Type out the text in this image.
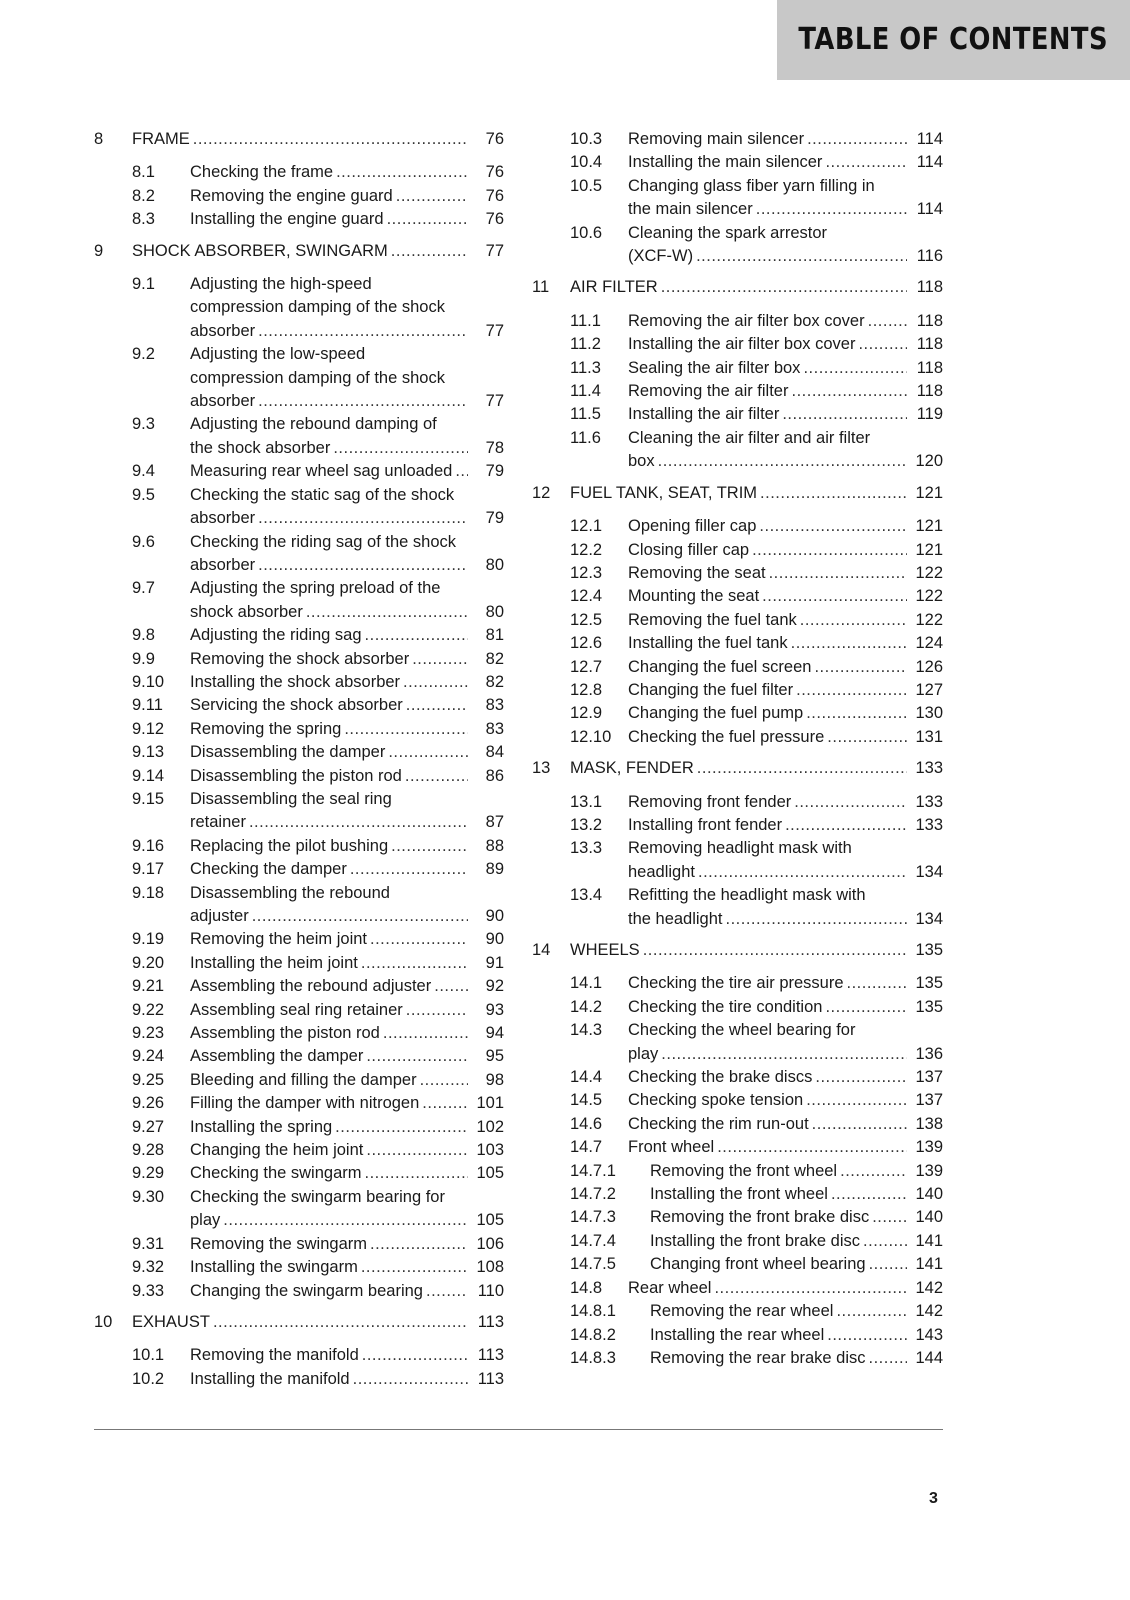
TABLE OF CONTENTS
8	FRAME .....	76
8.1	Checking the frame .....	76
8.2	Removing the engine guard .....	76
8.3	Installing the engine guard .....	76
9	SHOCK ABSORBER, SWINGARM .....	77
9.1	Adjusting the high-speed
compression damping of the shock
absorber .....	77
9.2	Adjusting the low-speed
compression damping of the shock
absorber .....	77
9.3	Adjusting the rebound damping of
the shock absorber .....	78
9.4	Measuring rear wheel sag unloaded .....	79
9.5	Checking the static sag of the shock
absorber .....	79
9.6	Checking the riding sag of the shock
absorber .....	80
9.7	Adjusting the spring preload of the
shock absorber .....	80
9.8	Adjusting the riding sag .....	81
9.9	Removing the shock absorber .....	82
9.10	Installing the shock absorber .....	82
9.11	Servicing the shock absorber .....	83
9.12	Removing the spring .....	83
9.13	Disassembling the damper .....	84
9.14	Disassembling the piston rod .....	86
9.15	Disassembling the seal ring
retainer .....	87
9.16	Replacing the pilot bushing .....	88
9.17	Checking the damper .....	89
9.18	Disassembling the rebound
adjuster .....	90
9.19	Removing the heim joint .....	90
9.20	Installing the heim joint .....	91
9.21	Assembling the rebound adjuster .....	92
9.22	Assembling seal ring retainer .....	93
9.23	Assembling the piston rod .....	94
9.24	Assembling the damper .....	95
9.25	Bleeding and filling the damper .....	98
9.26	Filling the damper with nitrogen .....	101
9.27	Installing the spring .....	102
9.28	Changing the heim joint .....	103
9.29	Checking the swingarm .....	105
9.30	Checking the swingarm bearing for
play .....	105
9.31	Removing the swingarm .....	106
9.32	Installing the swingarm .....	108
9.33	Changing the swingarm bearing .....	110
10	EXHAUST .....	113
10.1	Removing the manifold .....	113
10.2	Installing the manifold .....	113
10.3	Removing main silencer .....	114
10.4	Installing the main silencer .....	114
10.5	Changing glass fiber yarn filling in
the main silencer .....	114
10.6	Cleaning the spark arrestor
(XCF-W) .....	116
11	AIR FILTER .....	118
11.1	Removing the air filter box cover .....	118
11.2	Installing the air filter box cover .....	118
11.3	Sealing the air filter box .....	118
11.4	Removing the air filter .....	118
11.5	Installing the air filter .....	119
11.6	Cleaning the air filter and air filter
box .....	120
12	FUEL TANK, SEAT, TRIM .....	121
12.1	Opening filler cap .....	121
12.2	Closing filler cap .....	121
12.3	Removing the seat .....	122
12.4	Mounting the seat .....	122
12.5	Removing the fuel tank .....	122
12.6	Installing the fuel tank .....	124
12.7	Changing the fuel screen .....	126
12.8	Changing the fuel filter .....	127
12.9	Changing the fuel pump .....	130
12.10	Checking the fuel pressure .....	131
13	MASK, FENDER .....	133
13.1	Removing front fender .....	133
13.2	Installing front fender .....	133
13.3	Removing headlight mask with
headlight .....	134
13.4	Refitting the headlight mask with
the headlight .....	134
14	WHEELS .....	135
14.1	Checking the tire air pressure .....	135
14.2	Checking the tire condition .....	135
14.3	Checking the wheel bearing for
play .....	136
14.4	Checking the brake discs .....	137
14.5	Checking spoke tension .....	137
14.6	Checking the rim run-out .....	138
14.7	Front wheel .....	139
14.7.1	Removing the front wheel .....	139
14.7.2	Installing the front wheel .....	140
14.7.3	Removing the front brake disc .....	140
14.7.4	Installing the front brake disc .....	141
14.7.5	Changing front wheel bearing .....	141
14.8	Rear wheel .....	142
14.8.1	Removing the rear wheel .....	142
14.8.2	Installing the rear wheel .....	143
14.8.3	Removing the rear brake disc .....	144
3
